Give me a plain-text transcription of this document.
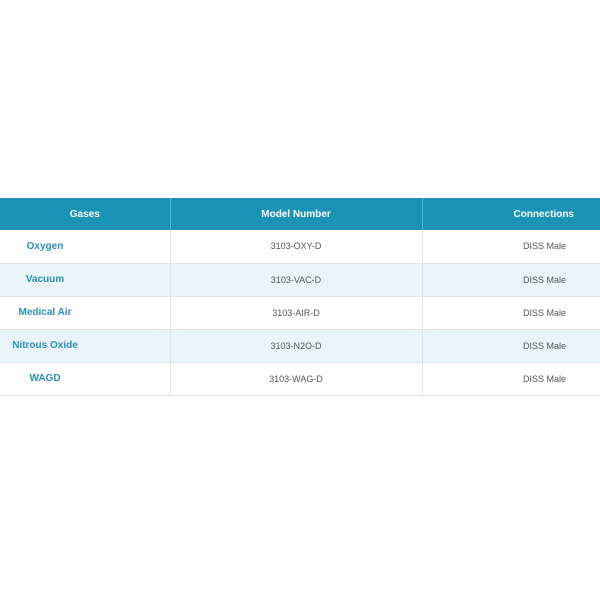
Gases	Model Number	Connections
Oxygen	3103-OXY-D	DISS Male
Vacuum	3103-VAC-D	DISS Male
Medical Air	3103-AIR-D	DISS Male
Nitrous Oxide	3103-N2O-D	DISS Male
WAGD	3103-WAG-D	DISS Male
